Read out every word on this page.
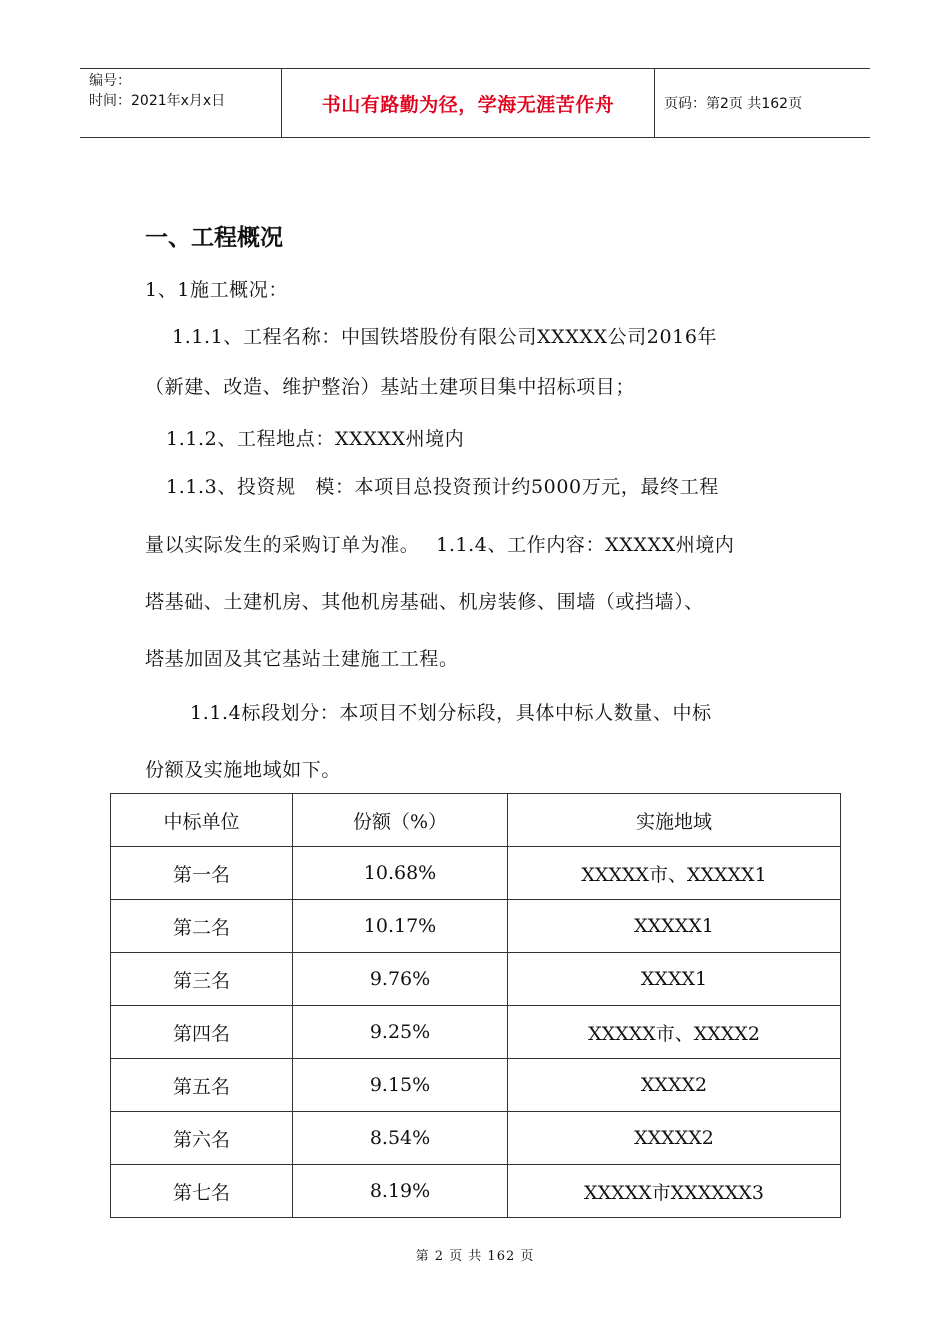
编号：
时间：2021年x月x日	书山有路勤为径，学海无涯苦作舟	页码：第2页 共162页
一、工程概况
1、1施工概况：
1.1.1、工程名称：中国铁塔股份有限公司XXXXX公司2016年
（新建、改造、维护整治）基站土建项目集中招标项目；
1.1.2、工程地点：XXXXX州境内
1.1.3、投资规　模：本项目总投资预计约5000万元，最终工程
量以实际发生的采购订单为准。　 1.1.4、工作内容：XXXXX州境内
塔基础、土建机房、其他机房基础、机房装修、围墙（或挡墙）、
塔基加固及其它基站土建施工工程。
1.1.4标段划分：本项目不划分标段，具体中标人数量、中标
份额及实施地域如下。
中标单位	份额（%）	实施地域
第一名	10.68%	XXXXX市、XXXXX1
第二名	10.17%	XXXXX1
第三名	9.76%	XXXX1
第四名	9.25%	XXXXX市、XXXX2
第五名	9.15%	XXXX2
第六名	8.54%	XXXXX2
第七名	8.19%	XXXXX市XXXXXX3
第 2 页 共 162 页
